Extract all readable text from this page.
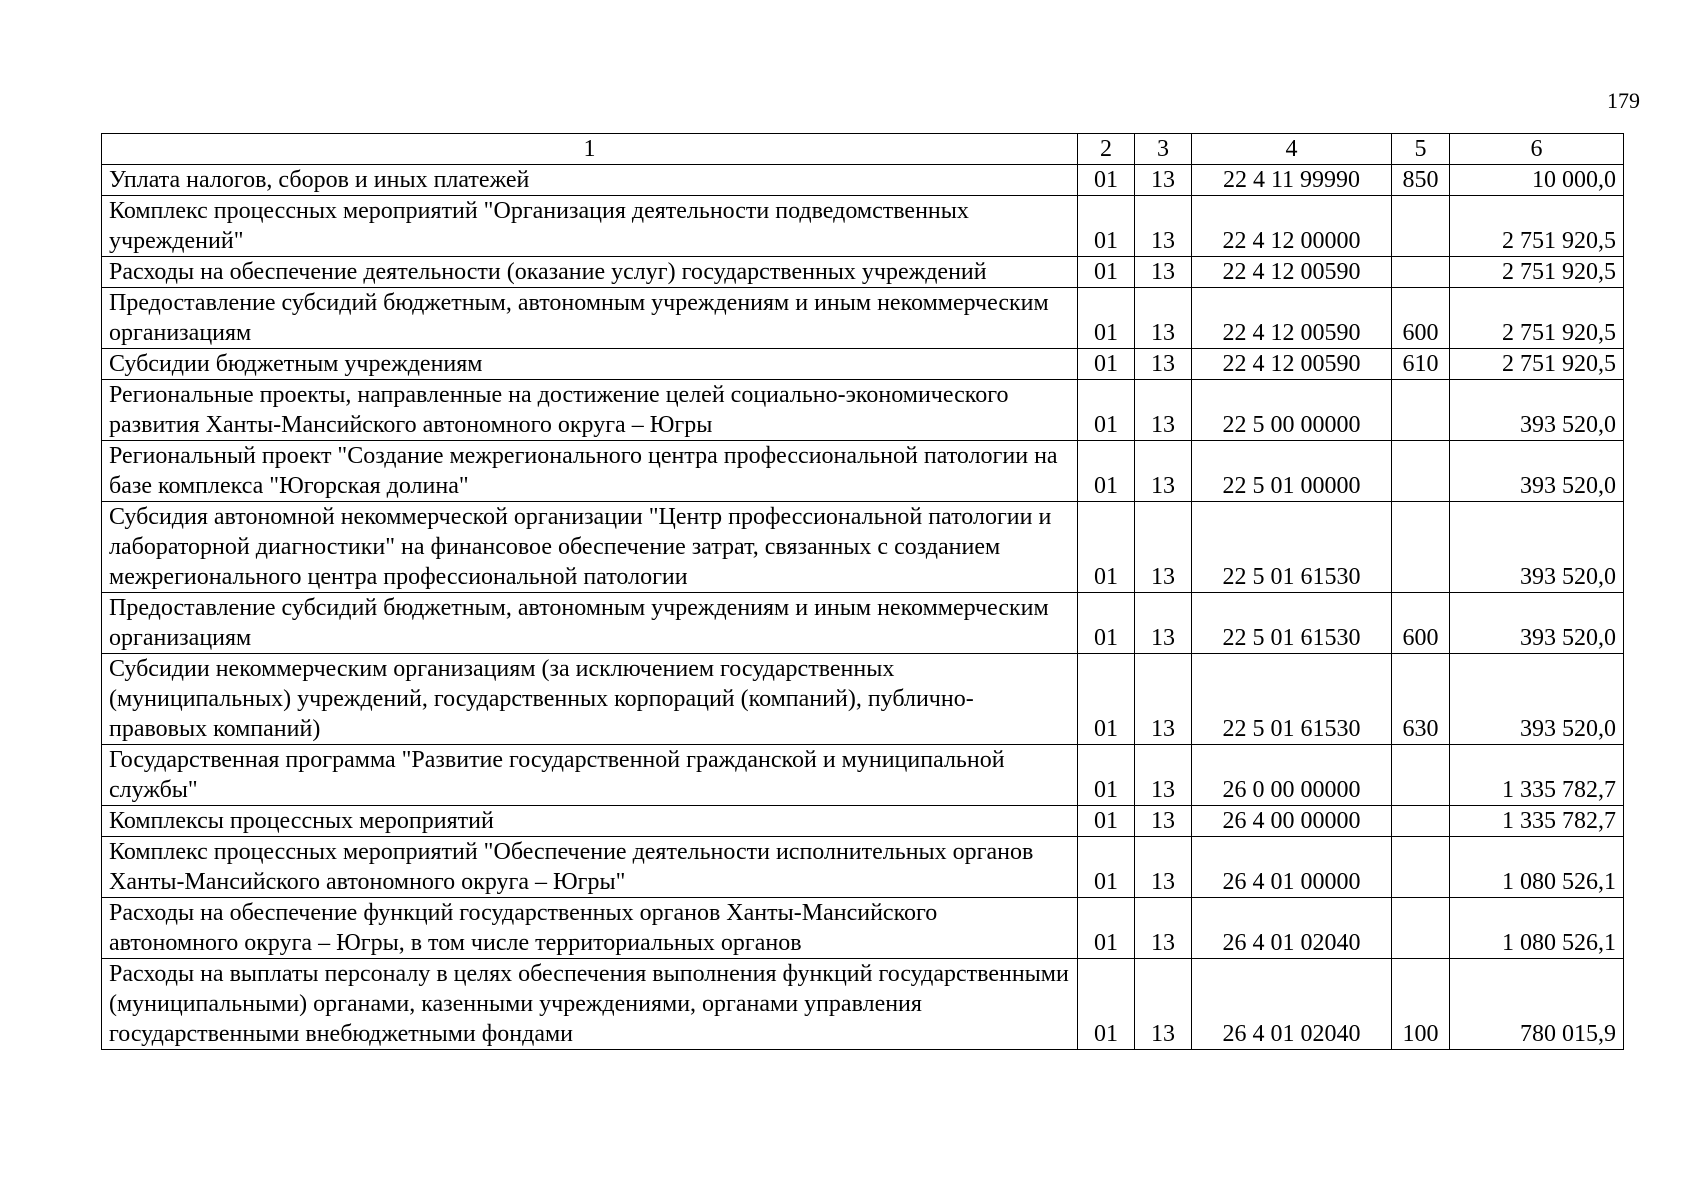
179
1	2	3	4	5	6
Уплата налогов, сборов и иных платежей	01	13	22 4 11 99990	850	10 000,0
Комплекс процессных мероприятий "Организация деятельности подведомственных учреждений"	01	13	22 4 12 00000		2 751 920,5
Расходы на обеспечение деятельности (оказание услуг) государственных учреждений	01	13	22 4 12 00590		2 751 920,5
Предоставление субсидий бюджетным, автономным учреждениям и иным некоммерческим организациям	01	13	22 4 12 00590	600	2 751 920,5
Субсидии бюджетным учреждениям	01	13	22 4 12 00590	610	2 751 920,5
Региональные проекты, направленные на достижение целей социально-экономического развития Ханты-Мансийского автономного округа – Югры	01	13	22 5 00 00000		393 520,0
Региональный проект "Создание межрегионального центра профессиональной патологии на базе комплекса "Югорская долина"	01	13	22 5 01 00000		393 520,0
Субсидия автономной некоммерческой организации "Центр профессиональной патологии и лабораторной диагностики" на финансовое обеспечение затрат, связанных с созданием межрегионального центра профессиональной патологии	01	13	22 5 01 61530		393 520,0
Предоставление субсидий бюджетным, автономным учреждениям и иным некоммерческим организациям	01	13	22 5 01 61530	600	393 520,0
Субсидии некоммерческим организациям (за исключением государственных (муниципальных) учреждений, государственных корпораций (компаний), публично-правовых компаний)	01	13	22 5 01 61530	630	393 520,0
Государственная программа "Развитие государственной гражданской и муниципальной службы"	01	13	26 0 00 00000		1 335 782,7
Комплексы процессных мероприятий	01	13	26 4 00 00000		1 335 782,7
Комплекс процессных мероприятий "Обеспечение деятельности исполнительных органов Ханты-Мансийского автономного округа – Югры"	01	13	26 4 01 00000		1 080 526,1
Расходы на обеспечение функций государственных органов Ханты-Мансийского автономного округа – Югры, в том числе территориальных органов	01	13	26 4 01 02040		1 080 526,1
Расходы на выплаты персоналу в целях обеспечения выполнения функций государственными (муниципальными) органами, казенными учреждениями, органами управления государственными внебюджетными фондами	01	13	26 4 01 02040	100	780 015,9
